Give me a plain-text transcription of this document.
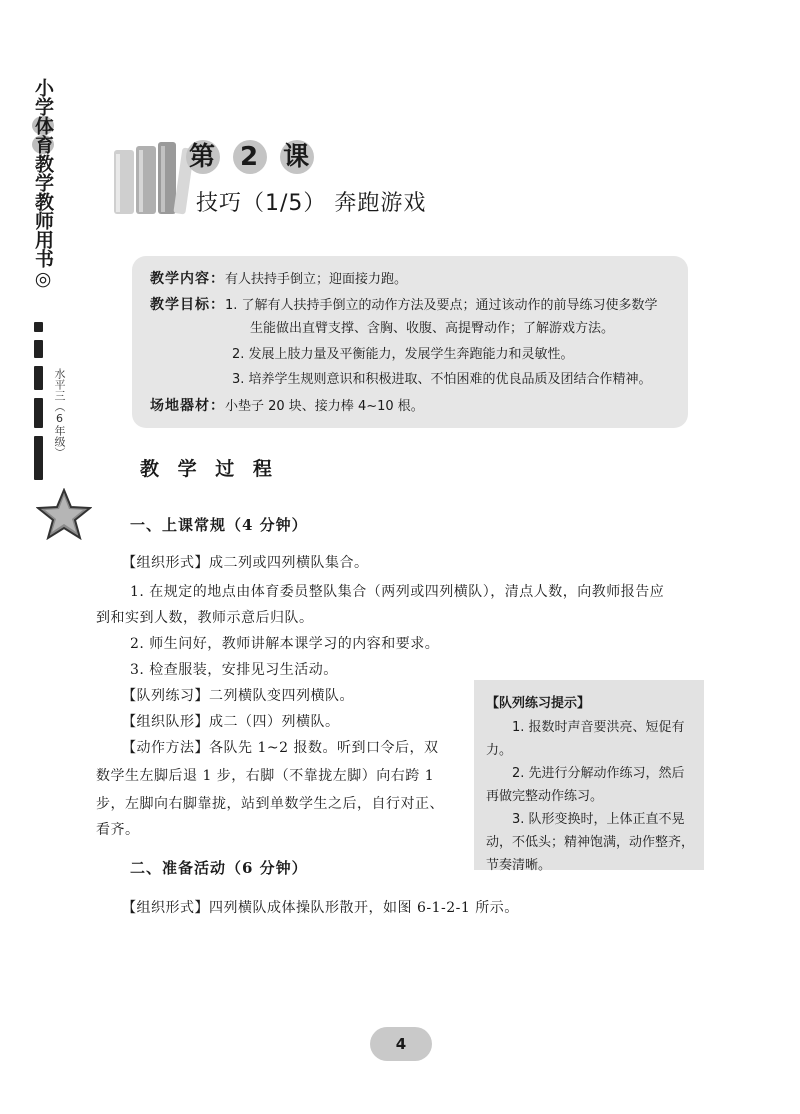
小学体育教学教师用书◎
水平三（6年级）
第 2 课
技巧（1/5） 奔跑游戏
教学内容：有人扶持手倒立；迎面接力跑。
教学目标：1. 了解有人扶持手倒立的动作方法及要点；通过该动作的前导练习使多数学
生能做出直臂支撑、含胸、收腹、高提臀动作；了解游戏方法。
2. 发展上肢力量及平衡能力，发展学生奔跑能力和灵敏性。
3. 培养学生规则意识和积极进取、不怕困难的优良品质及团结合作精神。
场地器材：小垫子 20 块、接力棒 4~10 根。
教 学 过 程
一、上课常规（4 分钟）
【组织形式】成二列或四列横队集合。
1. 在规定的地点由体育委员整队集合（两列或四列横队），清点人数，向教师报告应
到和实到人数，教师示意后归队。
2. 师生问好，教师讲解本课学习的内容和要求。
3. 检查服装，安排见习生活动。
【队列练习】二列横队变四列横队。
【组织队形】成二（四）列横队。
【动作方法】各队先 1~2 报数。听到口令后，双
数学生左脚后退 1 步，右脚（不靠拢左脚）向右跨 1
步，左脚向右脚靠拢，站到单数学生之后，自行对正、
看齐。
二、准备活动（6 分钟）
【组织形式】四列横队成体操队形散开，如图 6-1-2-1 所示。
【队列练习提示】

1. 报数时声音要洪亮、短促有力。

2. 先进行分解动作练习，然后再做完整动作练习。

3. 队形变换时，上体正直不晃动，不低头；精神饱满，动作整齐，节奏清晰。

4
